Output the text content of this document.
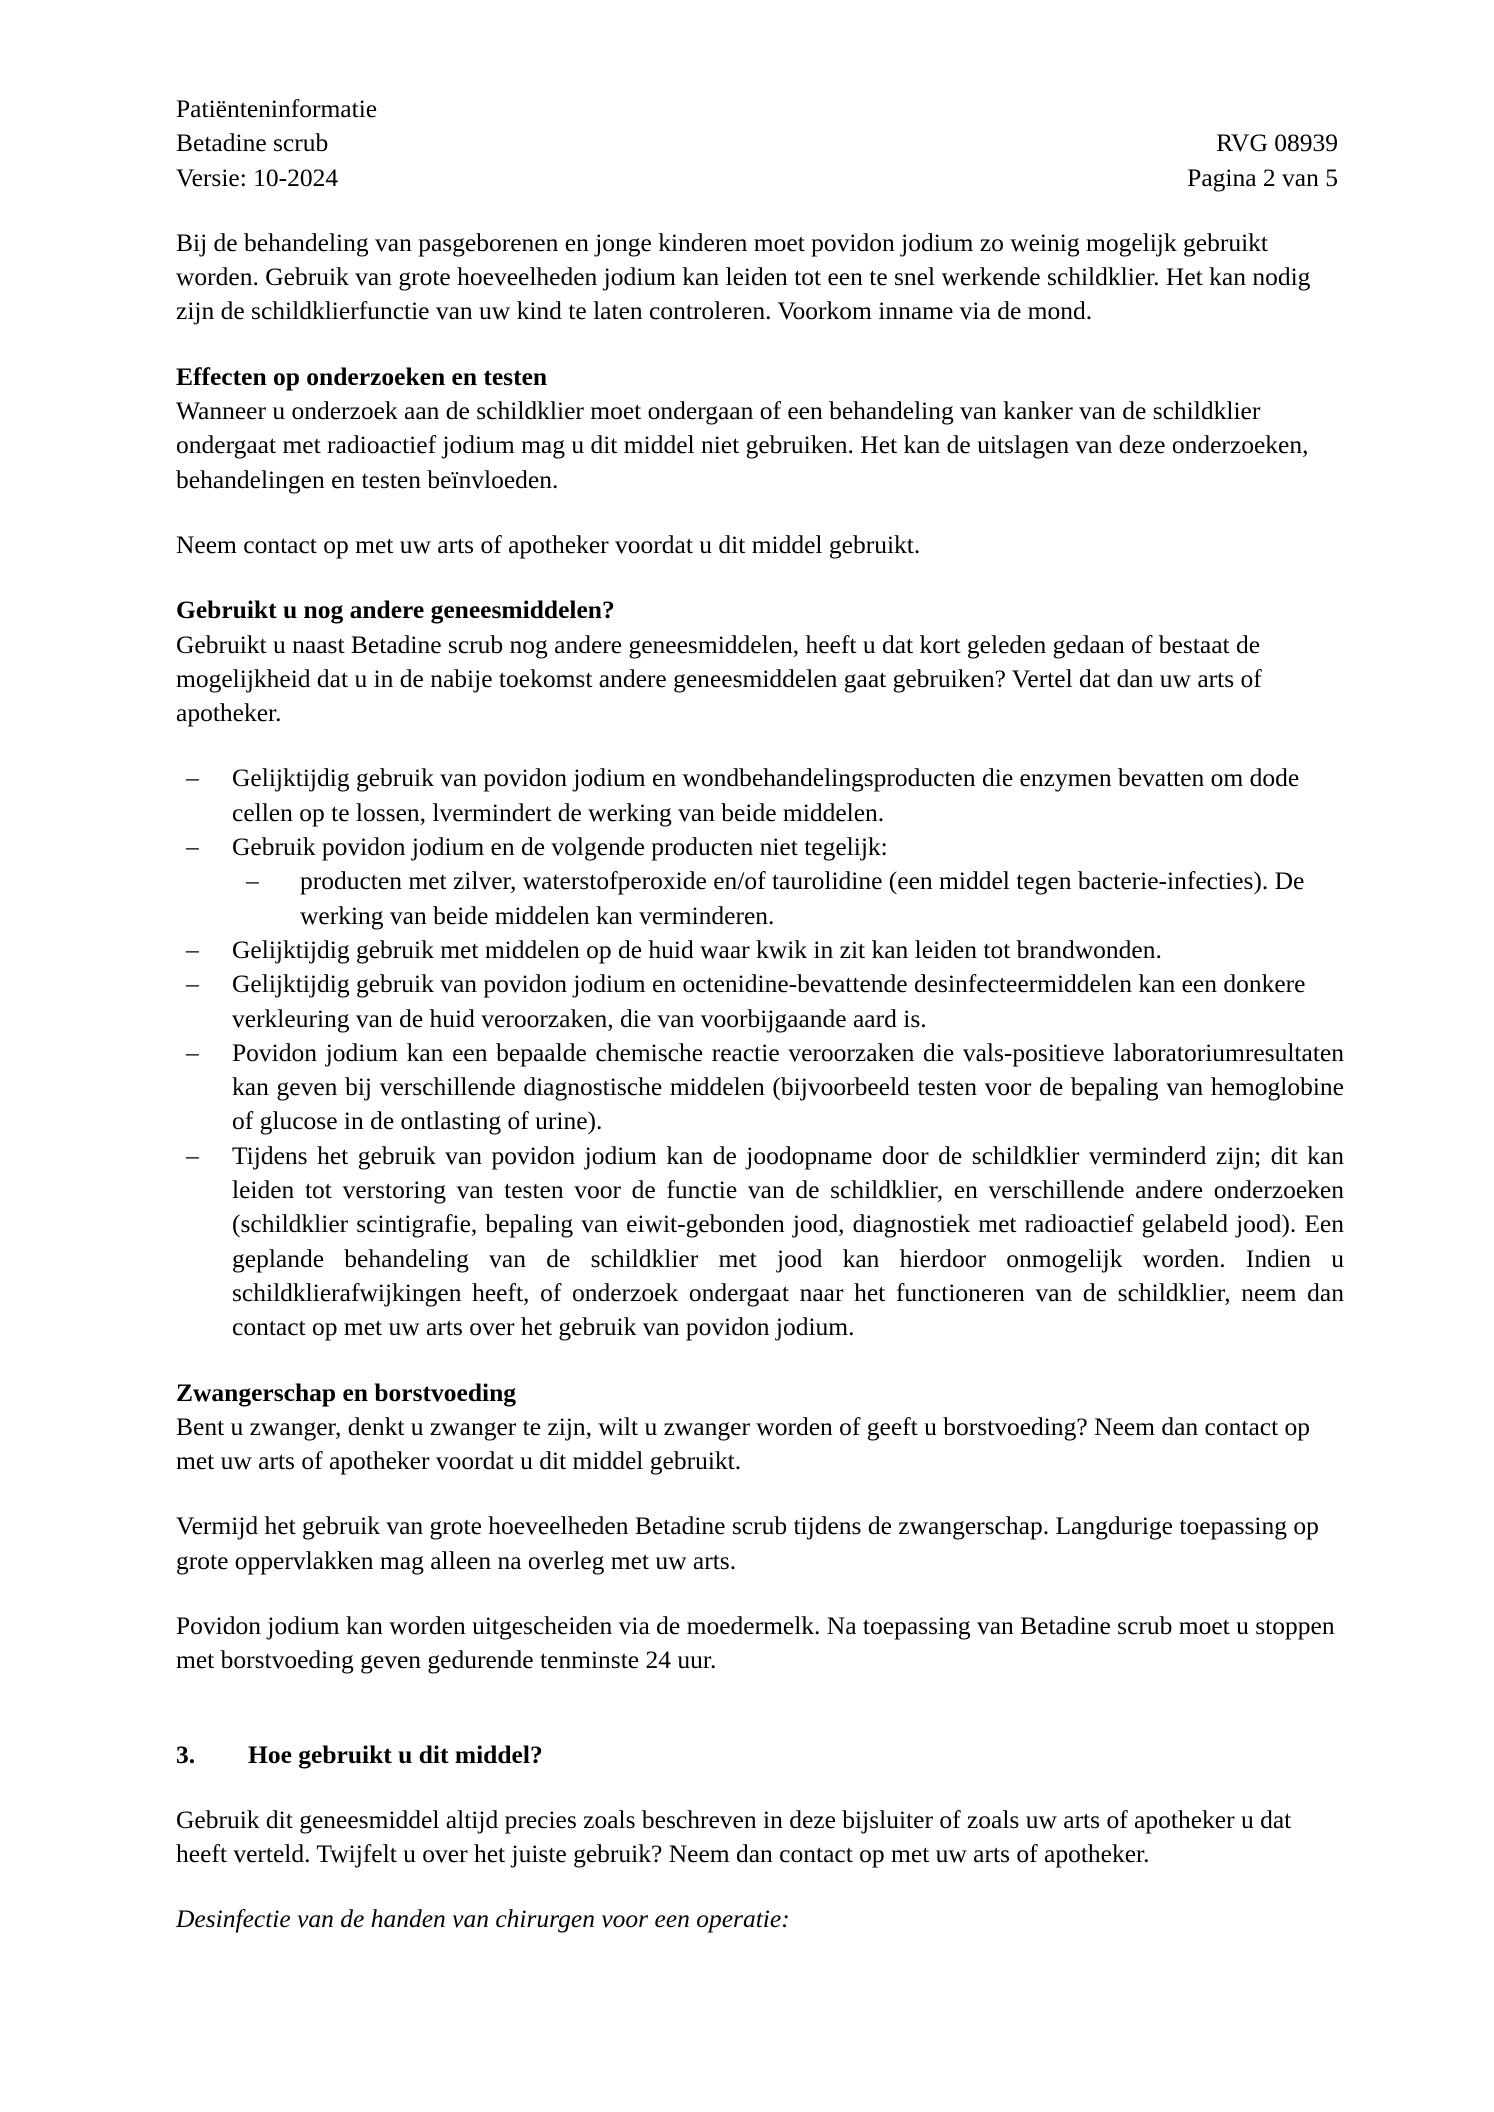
Patiënteninformatie
Betadine scrub
Versie: 10-2024
RVG 08939
Pagina 2 van 5

Bij de behandeling van pasgeborenen en jonge kinderen moet povidon jodium zo weinig mogelijk gebruikt worden. Gebruik van grote hoeveelheden jodium kan leiden tot een te snel werkende schildklier. Het kan nodig zijn de schildklierfunctie van uw kind te laten controleren. Voorkom inname via de mond.

Effecten op onderzoeken en testen

Wanneer u onderzoek aan de schildklier moet ondergaan of een behandeling van kanker van de schildklier ondergaat met radioactief jodium mag u dit middel niet gebruiken. Het kan de uitslagen van deze onderzoeken, behandelingen en testen beïnvloeden.

Neem contact op met uw arts of apotheker voordat u dit middel gebruikt.

Gebruikt u nog andere geneesmiddelen?

Gebruikt u naast Betadine scrub nog andere geneesmiddelen, heeft u dat kort geleden gedaan of bestaat de mogelijkheid dat u in de nabije toekomst andere geneesmiddelen gaat gebruiken? Vertel dat dan uw arts of apotheker.

– Gelijktijdig gebruik van povidon jodium en wondbehandelingsproducten die enzymen bevatten om dode cellen op te lossen, lvermindert de werking van beide middelen.
– Gebruik povidon jodium en de volgende producten niet tegelijk:
– producten met zilver, waterstofperoxide en/of taurolidine (een middel tegen bacterie-infecties). De werking van beide middelen kan verminderen.
– Gelijktijdig gebruik met middelen op de huid waar kwik in zit kan leiden tot brandwonden.
– Gelijktijdig gebruik van povidon jodium en octenidine-bevattende desinfecteermiddelen kan een donkere verkleuring van de huid veroorzaken, die van voorbijgaande aard is.
– Povidon jodium kan een bepaalde chemische reactie veroorzaken die vals-positieve laboratoriumresultaten kan geven bij verschillende diagnostische middelen (bijvoorbeeld testen voor de bepaling van hemoglobine of glucose in de ontlasting of urine).
– Tijdens het gebruik van povidon jodium kan de joodopname door de schildklier verminderd zijn; dit kan leiden tot verstoring van testen voor de functie van de schildklier, en verschillende andere onderzoeken (schildklier scintigrafie, bepaling van eiwit-gebonden jood, diagnostiek met radioactief gelabeld jood). Een geplande behandeling van de schildklier met jood kan hierdoor onmogelijk worden. Indien u schildklierafwijkingen heeft, of onderzoek ondergaat naar het functioneren van de schildklier, neem dan contact op met uw arts over het gebruik van povidon jodium.
Zwangerschap en borstvoeding

Bent u zwanger, denkt u zwanger te zijn, wilt u zwanger worden of geeft u borstvoeding? Neem dan contact op met uw arts of apotheker voordat u dit middel gebruikt.

Vermijd het gebruik van grote hoeveelheden Betadine scrub tijdens de zwangerschap. Langdurige toepassing op grote oppervlakken mag alleen na overleg met uw arts.

Povidon jodium kan worden uitgescheiden via de moedermelk. Na toepassing van Betadine scrub moet u stoppen met borstvoeding geven gedurende tenminste 24 uur.

3.	Hoe gebruikt u dit middel?

Gebruik dit geneesmiddel altijd precies zoals beschreven in deze bijsluiter of zoals uw arts of apotheker u dat heeft verteld. Twijfelt u over het juiste gebruik? Neem dan contact op met uw arts of apotheker.

Desinfectie van de handen van chirurgen voor een operatie:
